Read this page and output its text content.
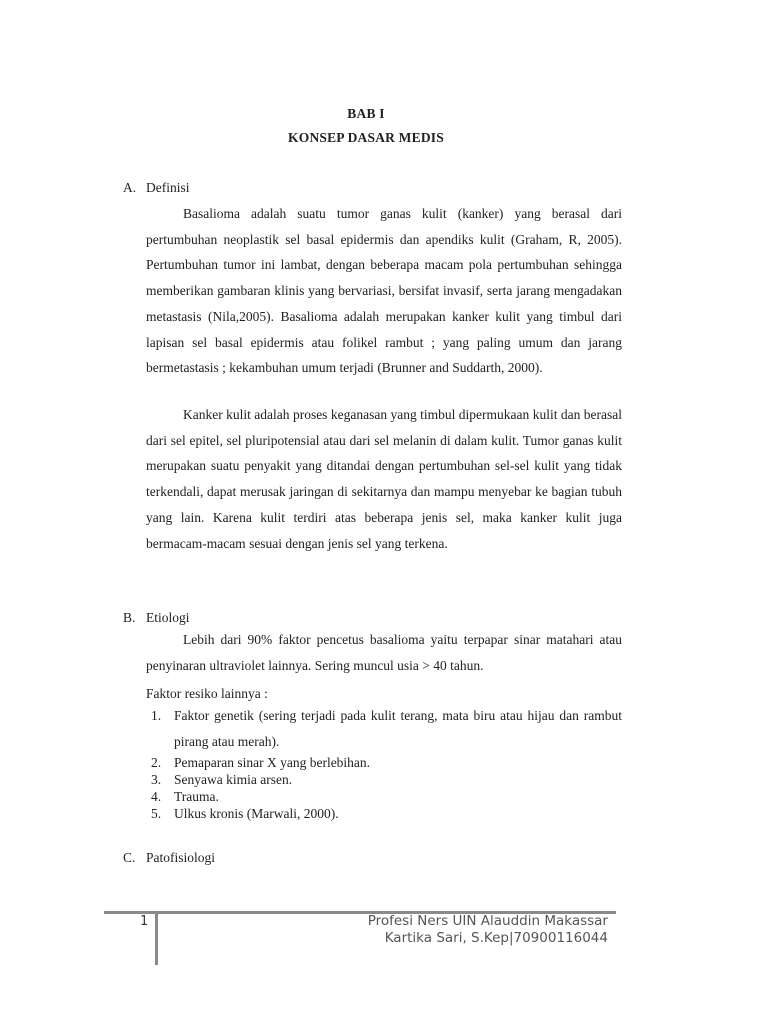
BAB I
KONSEP DASAR MEDIS
A. Definisi

Basalioma adalah suatu tumor ganas kulit (kanker) yang berasal dari pertumbuhan neoplastik sel basal epidermis dan apendiks kulit (Graham, R, 2005). Pertumbuhan tumor ini lambat, dengan beberapa macam pola pertumbuhan sehingga memberikan gambaran klinis yang bervariasi, bersifat invasif, serta jarang mengadakan metastasis (Nila,2005). Basalioma adalah merupakan kanker kulit yang timbul dari lapisan sel basal epidermis atau folikel rambut ; yang paling umum dan jarang bermetastasis ; kekambuhan umum terjadi (Brunner and Suddarth, 2000).

Kanker kulit adalah proses keganasan yang timbul dipermukaan kulit dan berasal dari sel epitel, sel pluripotensial atau dari sel melanin di dalam kulit. Tumor ganas kulit merupakan suatu penyakit yang ditandai dengan pertumbuhan sel-sel kulit yang tidak terkendali, dapat merusak jaringan di sekitarnya dan mampu menyebar ke bagian tubuh yang lain. Karena kulit terdiri atas beberapa jenis sel, maka kanker kulit juga bermacam-macam sesuai dengan jenis sel yang terkena.

B. Etiologi

Lebih dari 90% faktor pencetus basalioma yaitu terpapar sinar matahari atau penyinaran ultraviolet lainnya. Sering muncul usia > 40 tahun.

Faktor resiko lainnya :

1. Faktor genetik (sering terjadi pada kulit terang, mata biru atau hijau dan rambut pirang atau merah).
2. Pemaparan sinar X yang berlebihan.
3. Senyawa kimia arsen.
4. Trauma.
5. Ulkus kronis (Marwali, 2000).
C. Patofisiologi
1	Profesi Ners UIN Alauddin Makassar
Kartika Sari, S.Kep|70900116044
